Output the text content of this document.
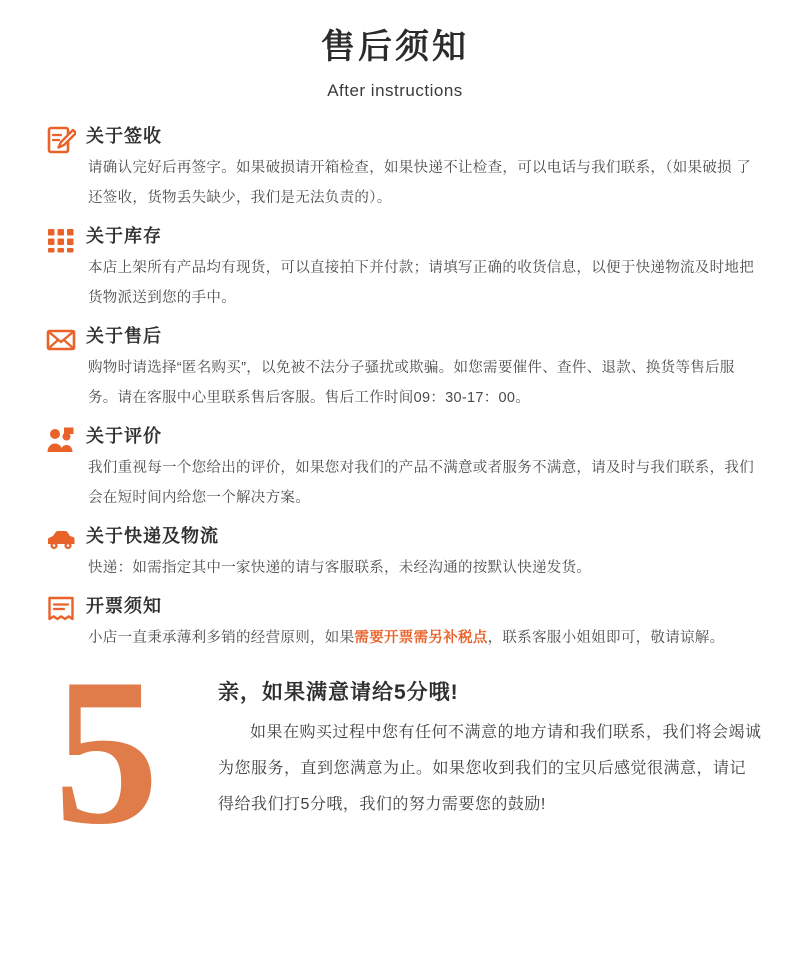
售后须知
After instructions
关于签收
请确认完好后再签字。如果破损请开箱检查，如果快递不让检查，可以电话与我们联系，（如果破损 了还签收，货物丢失缺少，我们是无法负责的）。
关于库存
本店上架所有产品均有现货，可以直接拍下并付款；请填写正确的收货信息，以便于快递物流及时地把货物派送到您的手中。
关于售后
购物时请选择“匿名购买”，以免被不法分子骚扰或欺骗。如您需要催件、查件、退款、换货等售后服务。请在客服中心里联系售后客服。售后工作时间09：30-17：00。
关于评价
我们重视每一个您给出的评价，如果您对我们的产品不满意或者服务不满意，请及时与我们联系，我们会在短时间内给您一个解决方案。
关于快递及物流
快递：如需指定其中一家快递的请与客服联系，未经沟通的按默认快递发货。
开票须知
小店一直秉承薄利多销的经营原则，如果需要开票需另补税点，联系客服小姐姐即可，敬请谅解。
5	亲，如果满意请给5分哦!
如果在购买过程中您有任何不满意的地方请和我们联系，我们将会竭诚为您服务，直到您满意为止。如果您收到我们的宝贝后感觉很满意，请记得给我们打5分哦，我们的努力需要您的鼓励!
